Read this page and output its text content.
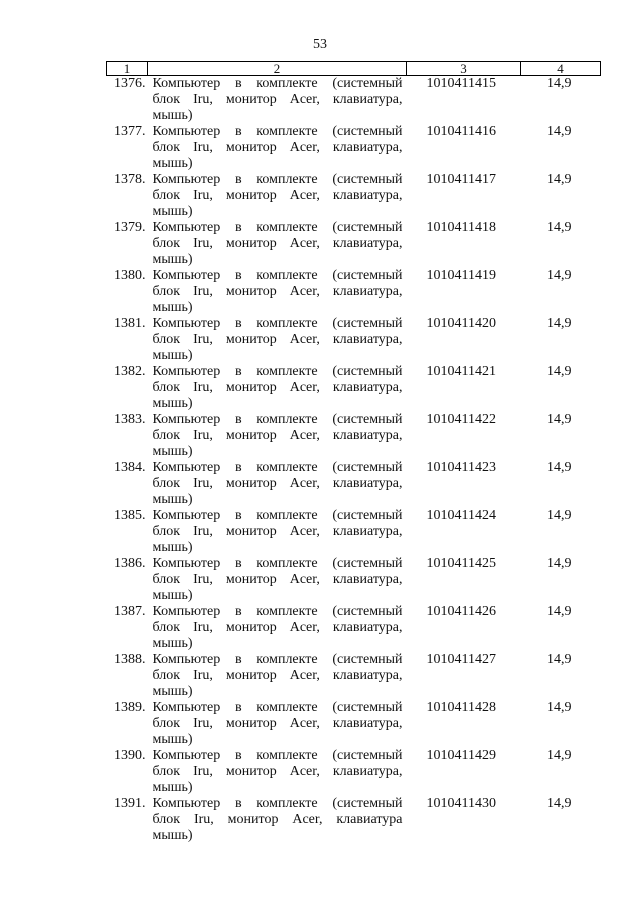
53
1	2	3	4
1376.	Компьютер в комплекте (системный
блок Iru, монитор Acer, клавиатура,
мышь)	1010411415	14,9
1377.	Компьютер в комплекте (системный
блок Iru, монитор Acer, клавиатура,
мышь)	1010411416	14,9
1378.	Компьютер в комплекте (системный
блок Iru, монитор Acer, клавиатура,
мышь)	1010411417	14,9
1379.	Компьютер в комплекте (системный
блок Iru, монитор Acer, клавиатура,
мышь)	1010411418	14,9
1380.	Компьютер в комплекте (системный
блок Iru, монитор Acer, клавиатура,
мышь)	1010411419	14,9
1381.	Компьютер в комплекте (системный
блок Iru, монитор Acer, клавиатура,
мышь)	1010411420	14,9
1382.	Компьютер в комплекте (системный
блок Iru, монитор Acer, клавиатура,
мышь)	1010411421	14,9
1383.	Компьютер в комплекте (системный
блок Iru, монитор Acer, клавиатура,
мышь)	1010411422	14,9
1384.	Компьютер в комплекте (системный
блок Iru, монитор Acer, клавиатура,
мышь)	1010411423	14,9
1385.	Компьютер в комплекте (системный
блок Iru, монитор Acer, клавиатура,
мышь)	1010411424	14,9
1386.	Компьютер в комплекте (системный
блок Iru, монитор Acer, клавиатура,
мышь)	1010411425	14,9
1387.	Компьютер в комплекте (системный
блок Iru, монитор Acer, клавиатура,
мышь)	1010411426	14,9
1388.	Компьютер в комплекте (системный
блок Iru, монитор Acer, клавиатура,
мышь)	1010411427	14,9
1389.	Компьютер в комплекте (системный
блок Iru, монитор Acer, клавиатура,
мышь)	1010411428	14,9
1390.	Компьютер в комплекте (системный
блок Iru, монитор Acer, клавиатура,
мышь)	1010411429	14,9
1391.	Компьютер в комплекте (системный
блок Iru, монитор Acer, клавиатура
мышь)	1010411430	14,9
